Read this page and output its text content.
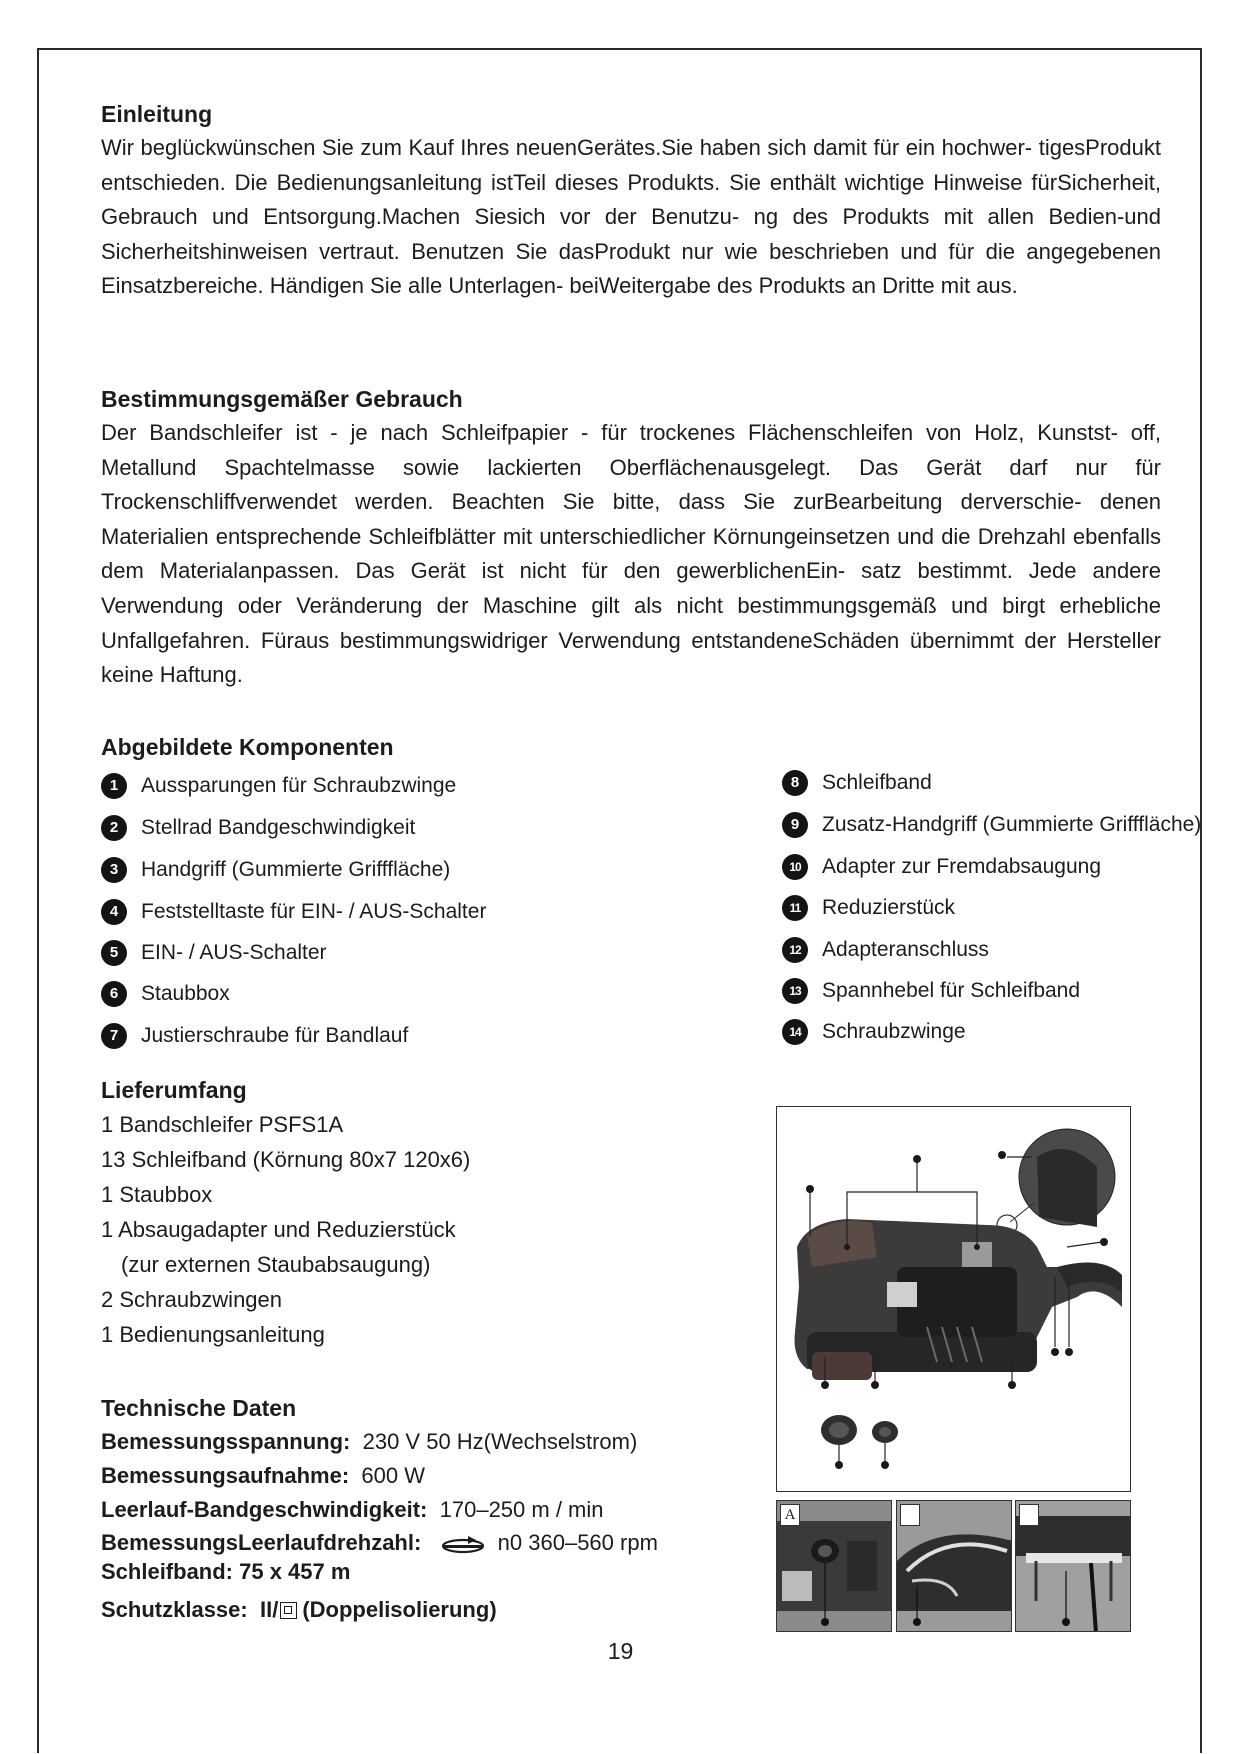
Einleitung

Wir beglückwünschen Sie zum Kauf Ihres neuenGerätes.Sie haben sich damit für ein hochwer- tigesProdukt entschieden. Die Bedienungsanleitung istTeil dieses Produkts. Sie enthält wichtige Hinweise fürSicherheit, Gebrauch und Entsorgung.Machen Siesich vor der Benutzu- ng des Produkts mit allen Bedien-und Sicherheitshinweisen vertraut. Benutzen Sie dasProdukt nur wie beschrieben und für die angegebenen Einsatzbereiche. Händigen Sie alle Unterlagen- beiWeitergabe des Produkts an Dritte mit aus.

Bestimmungsgemäßer Gebrauch

Der Bandschleifer ist - je nach Schleifpapier - für trockenes Flächenschleifen von Holz, Kunstst- off, Metallund Spachtelmasse sowie lackierten Oberflächenausgelegt. Das Gerät darf nur für Trockenschliffverwendet werden. Beachten Sie bitte, dass Sie zurBearbeitung derverschie- denen Materialien entsprechende Schleifblätter mit unterschiedlicher Körnungeinsetzen und die Drehzahl ebenfalls dem Materialanpassen. Das Gerät ist nicht für den gewerblichenEin- satz bestimmt. Jede andere Verwendung oder Veränderung der Maschine gilt als nicht bestimmungsgemäß und birgt erhebliche Unfallgefahren. Füraus bestimmungswidriger Verwendung entstandeneSchäden übernimmt der Hersteller keine Haftung.

Abgebildete Komponenten
1	Aussparungen für Schraubzwinge
2	Stellrad Bandgeschwindigkeit
3	Handgriff (Gummierte Grifffläche)
4	Feststelltaste für EIN- / AUS-Schalter
5	EIN- / AUS-Schalter
6	Staubbox
7	Justierschraube für Bandlauf
8	Schleifband
9	Zusatz-Handgriff (Gummierte Grifffläche)
10	Adapter zur Fremdabsaugung
11	Reduzierstück
12	Adapteranschluss
13	Spannhebel für Schleifband
14	Schraubzwinge
Lieferumfang
1 Bandschleifer PSFS1A
13 Schleifband (Körnung 80x7 120x6)
1 Staubbox
1 Absaugadapter und Reduzierstück
(zur externen Staubabsaugung)
2 Schraubzwingen
1 Bedienungsanleitung
Technische Daten
Bemessungsspannung: 230 V 50 Hz(Wechselstrom)
Bemessungsaufnahme: 600 W
Leerlauf-Bandgeschwindigkeit: 170–250 m / min
BemessungsLeerlaufdrehzahl:	n0 360–560 rpm
Schleifband: 75 x 457 m
Schutzklasse: II/ (Doppelisolierung)
A
19
